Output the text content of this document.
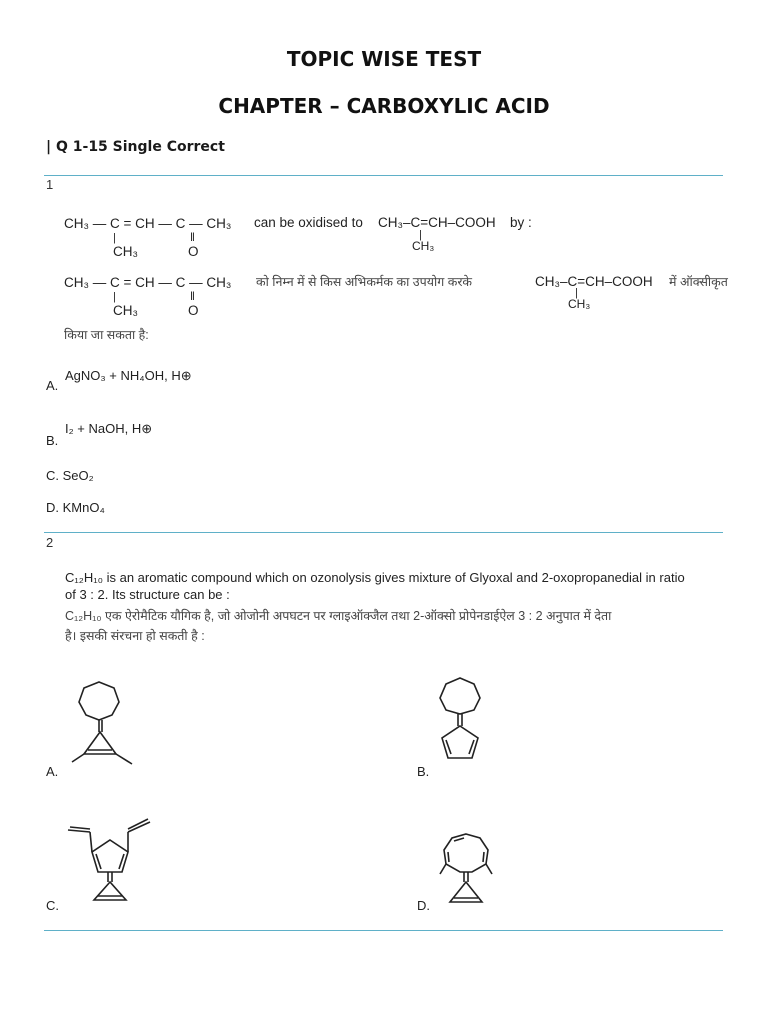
TOPIC WISE TEST
CHAPTER – CARBOXYLIC ACID
| Q 1-15 Single Correct
1
CH₃ — C = CH — C — CH₃
|
CH₃
‖
O
can be oxidised to CH₃–C=CH–COOH
|
CH₃
by :
CH₃ — C = CH — C — CH₃
|
CH₃
‖
O
को निम्न में से किस अभिकर्मक का उपयोग करके	CH₃–C=CH–COOH
|
CH₃
में ऑक्सीकृत
किया जा सकता है:
AgNO₃ + NH₄OH, H⊕
A.
I₂ + NaOH, H⊕
B.
C. SeO₂
D. KMnO₄
2
C₁₂H₁₀ is an aromatic compound which on ozonolysis gives mixture of Glyoxal and 2-oxopropanedial in ratio
of 3 : 2. Its structure can be :
C₁₂H₁₀ एक ऐरोमैटिक यौगिक है, जो ओजोनी अपघटन पर ग्लाइऑक्जैल तथा 2-ऑक्सो प्रोपेनडाईऐल 3 : 2 अनुपात में देता
है। इसकी संरचना हो सकती है :
A.	B.
C.	D.
